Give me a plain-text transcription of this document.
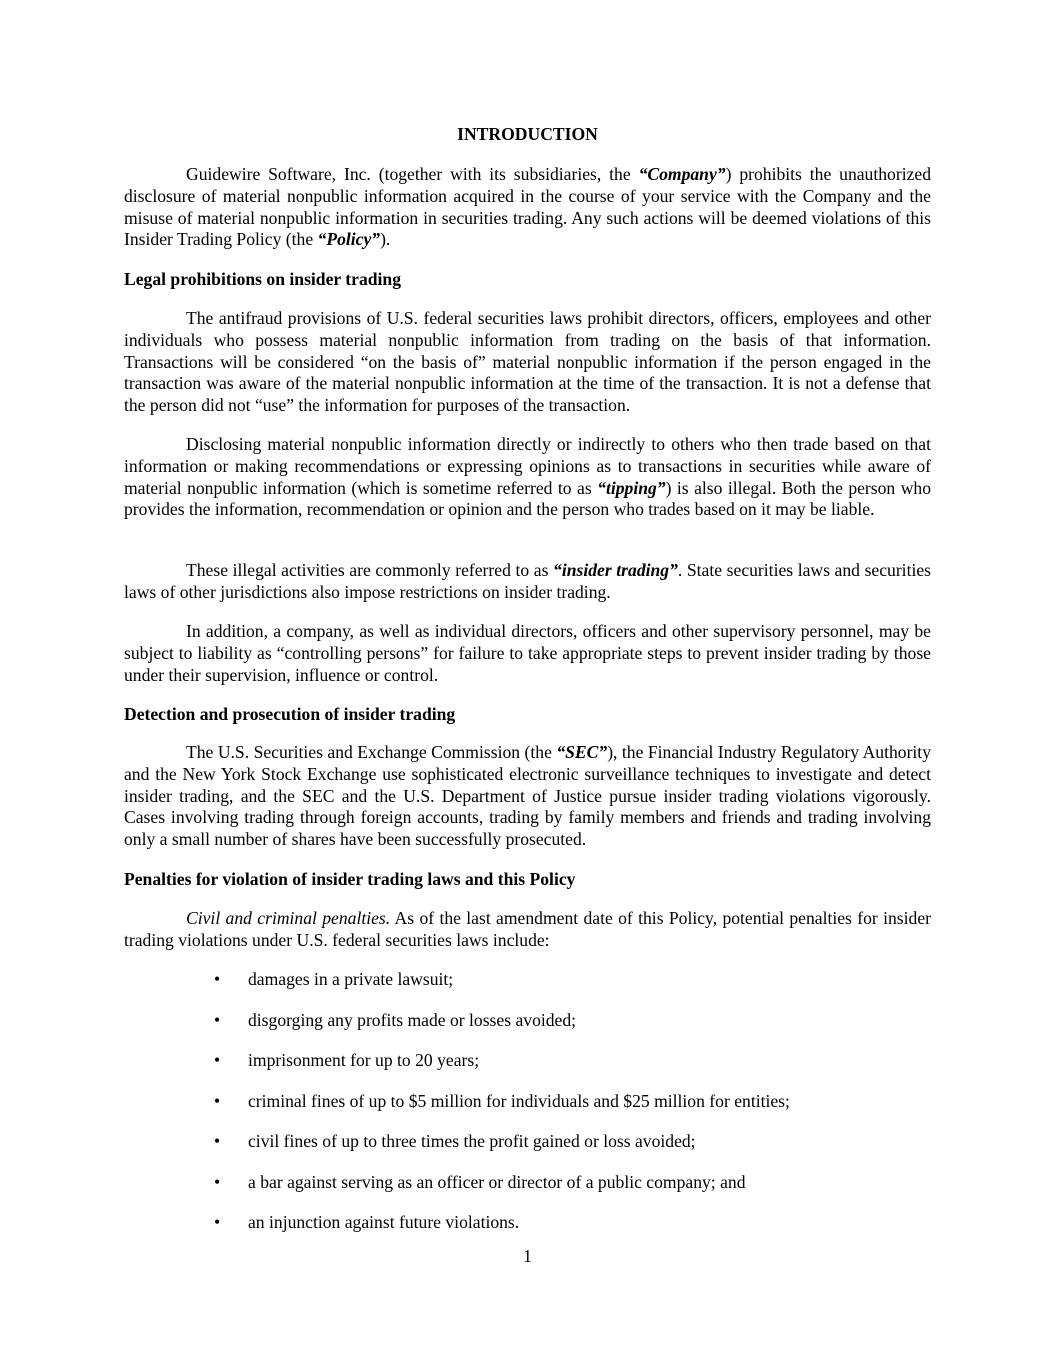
INTRODUCTION

Guidewire Software, Inc. (together with its subsidiaries, the “Company”) prohibits the unauthorized disclosure of material nonpublic information acquired in the course of your service with the Company and the misuse of material nonpublic information in securities trading. Any such actions will be deemed violations of this Insider Trading Policy (the “Policy”).

Legal prohibitions on insider trading

The antifraud provisions of U.S. federal securities laws prohibit directors, officers, employees and other individuals who possess material nonpublic information from trading on the basis of that information. Transactions will be considered “on the basis of” material nonpublic information if the person engaged in the transaction was aware of the material nonpublic information at the time of the transaction. It is not a defense that the person did not “use” the information for purposes of the transaction.

Disclosing material nonpublic information directly or indirectly to others who then trade based on that information or making recommendations or expressing opinions as to transactions in securities while aware of material nonpublic information (which is sometime referred to as “tipping”) is also illegal. Both the person who provides the information, recommendation or opinion and the person who trades based on it may be liable.

These illegal activities are commonly referred to as “insider trading”. State securities laws and securities laws of other jurisdictions also impose restrictions on insider trading.

In addition, a company, as well as individual directors, officers and other supervisory personnel, may be subject to liability as “controlling persons” for failure to take appropriate steps to prevent insider trading by those under their supervision, influence or control.

Detection and prosecution of insider trading

The U.S. Securities and Exchange Commission (the “SEC”), the Financial Industry Regulatory Authority and the New York Stock Exchange use sophisticated electronic surveillance techniques to investigate and detect insider trading, and the SEC and the U.S. Department of Justice pursue insider trading violations vigorously. Cases involving trading through foreign accounts, trading by family members and friends and trading involving only a small number of shares have been successfully prosecuted.

Penalties for violation of insider trading laws and this Policy

Civil and criminal penalties. As of the last amendment date of this Policy, potential penalties for insider trading violations under U.S. federal securities laws include:

• damages in a private lawsuit;
• disgorging any profits made or losses avoided;
• imprisonment for up to 20 years;
• criminal fines of up to $5 million for individuals and $25 million for entities;
• civil fines of up to three times the profit gained or loss avoided;
• a bar against serving as an officer or director of a public company; and
• an injunction against future violations.

1
